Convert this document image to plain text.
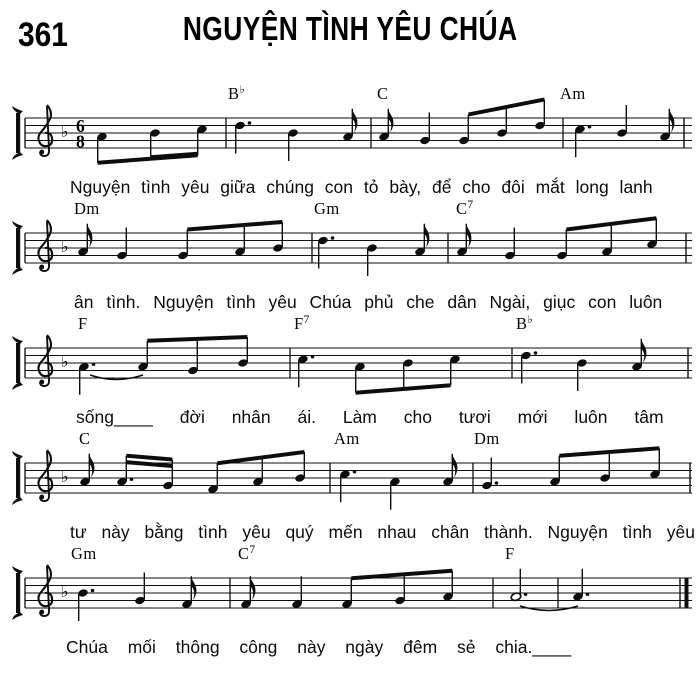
361	NGUYỆN TÌNH YÊU CHÚA
♭ 6
8
B♭	C	Am
♭
Dm	Gm	$C^7$
♭
F	$F^7$	B♭
♭
C	Am	Dm
♭
Gm	$C^7$	F
Nguyện tình yêu giữa chúng con tỏ bày, để cho đôi mắt long lanh
ân tình. Nguyện tình yêu Chúa phủ che dân Ngài, giục con luôn
sống____ đời nhân ái. Làm cho tươi mới luôn tâm
tư này bằng tình yêu quý mến nhau chân thành. Nguyện tình yêu
Chúa mối thông công này ngày đêm sẻ chia.____
